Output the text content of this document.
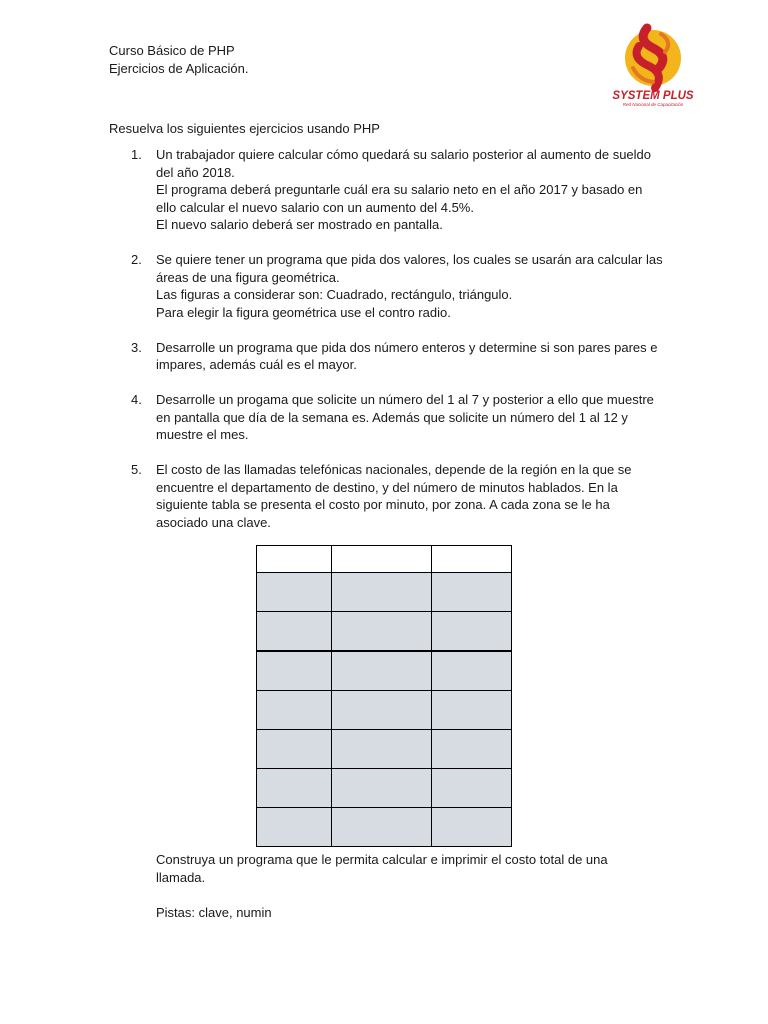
Curso Básico de PHP
Ejercicios de Aplicación.
SYSTEM PLUS
Red Nacional de Capacitación
Resuelva los siguientes ejercicios usando PHP
1. Un trabajador quiere calcular cómo quedará su salario posterior al aumento de sueldo
del año 2018.
El programa deberá preguntarle cuál era su salario neto en el año 2017 y basado en
ello calcular el nuevo salario con un aumento del 4.5%.
El nuevo salario deberá ser mostrado en pantalla.
2. Se quiere tener un programa que pida dos valores, los cuales se usarán ara calcular las
áreas de una figura geométrica.
Las figuras a considerar son: Cuadrado, rectángulo, triángulo.
Para elegir la figura geométrica use el contro radio.
3. Desarrolle un programa que pida dos número enteros y determine si son pares pares e
impares, además cuál es el mayor.
4. Desarrolle un progama que solicite un número del 1 al 7 y posterior a ello que muestre
en pantalla que día de la semana es. Además que solicite un número del 1 al 12 y
muestre el mes.
5. El costo de las llamadas telefónicas nacionales, depende de la región en la que se
encuentre el departamento de destino, y del número de minutos hablados. En la
siguiente tabla se presenta el costo por minuto, por zona. A cada zona se le ha
asociado una clave.

Construya un programa que le permita calcular e imprimir el costo total de una
llamada.
Pistas: clave, numin
